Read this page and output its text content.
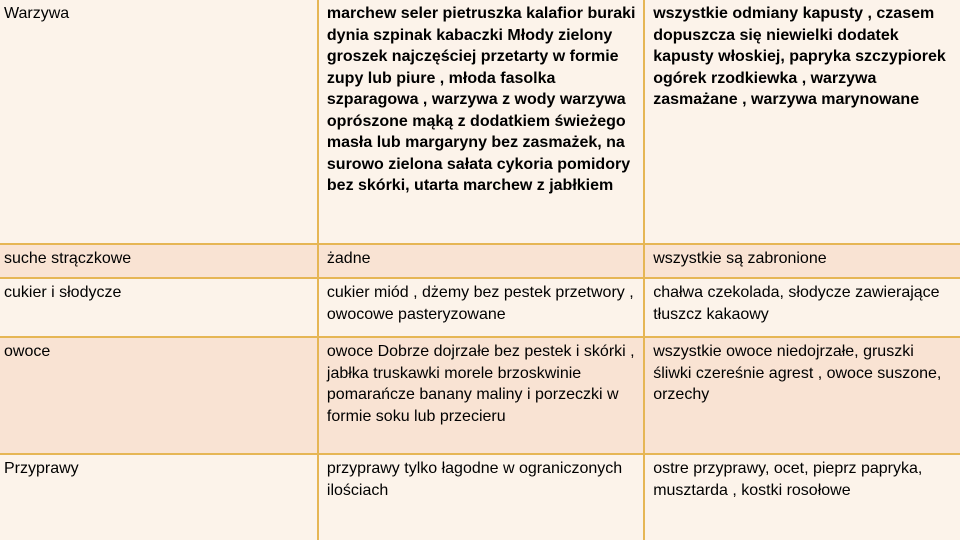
Warzywa	marchew seler pietruszka kalafior buraki dynia szpinak kabaczki Młody zielony groszek najczęściej przetarty w formie zupy lub piure , młoda fasolka szparagowa , warzywa z wody warzywa oprószone mąką z dodatkiem świeżego masła lub margaryny bez zasmażek, na surowo zielona sałata cykoria pomidory bez skórki, utarta marchew z jabłkiem	wszystkie odmiany kapusty , czasem dopuszcza się niewielki dodatek kapusty włoskiej, papryka szczypiorek ogórek rzodkiewka , warzywa zasmażane , warzywa marynowane
suche strączkowe	żadne	wszystkie są zabronione
cukier i słodycze	cukier miód , dżemy bez pestek przetwory , owocowe pasteryzowane	chałwa czekolada, słodycze zawierające tłuszcz kakaowy
owoce	owoce Dobrze dojrzałe bez pestek i skórki , jabłka truskawki morele brzoskwinie pomarańcze banany maliny i porzeczki w formie soku lub przecieru	wszystkie owoce niedojrzałe, gruszki śliwki czereśnie agrest , owoce suszone, orzechy
Przyprawy	przyprawy tylko łagodne w ograniczonych ilościach	ostre przyprawy, ocet, pieprz papryka, musztarda , kostki rosołowe
